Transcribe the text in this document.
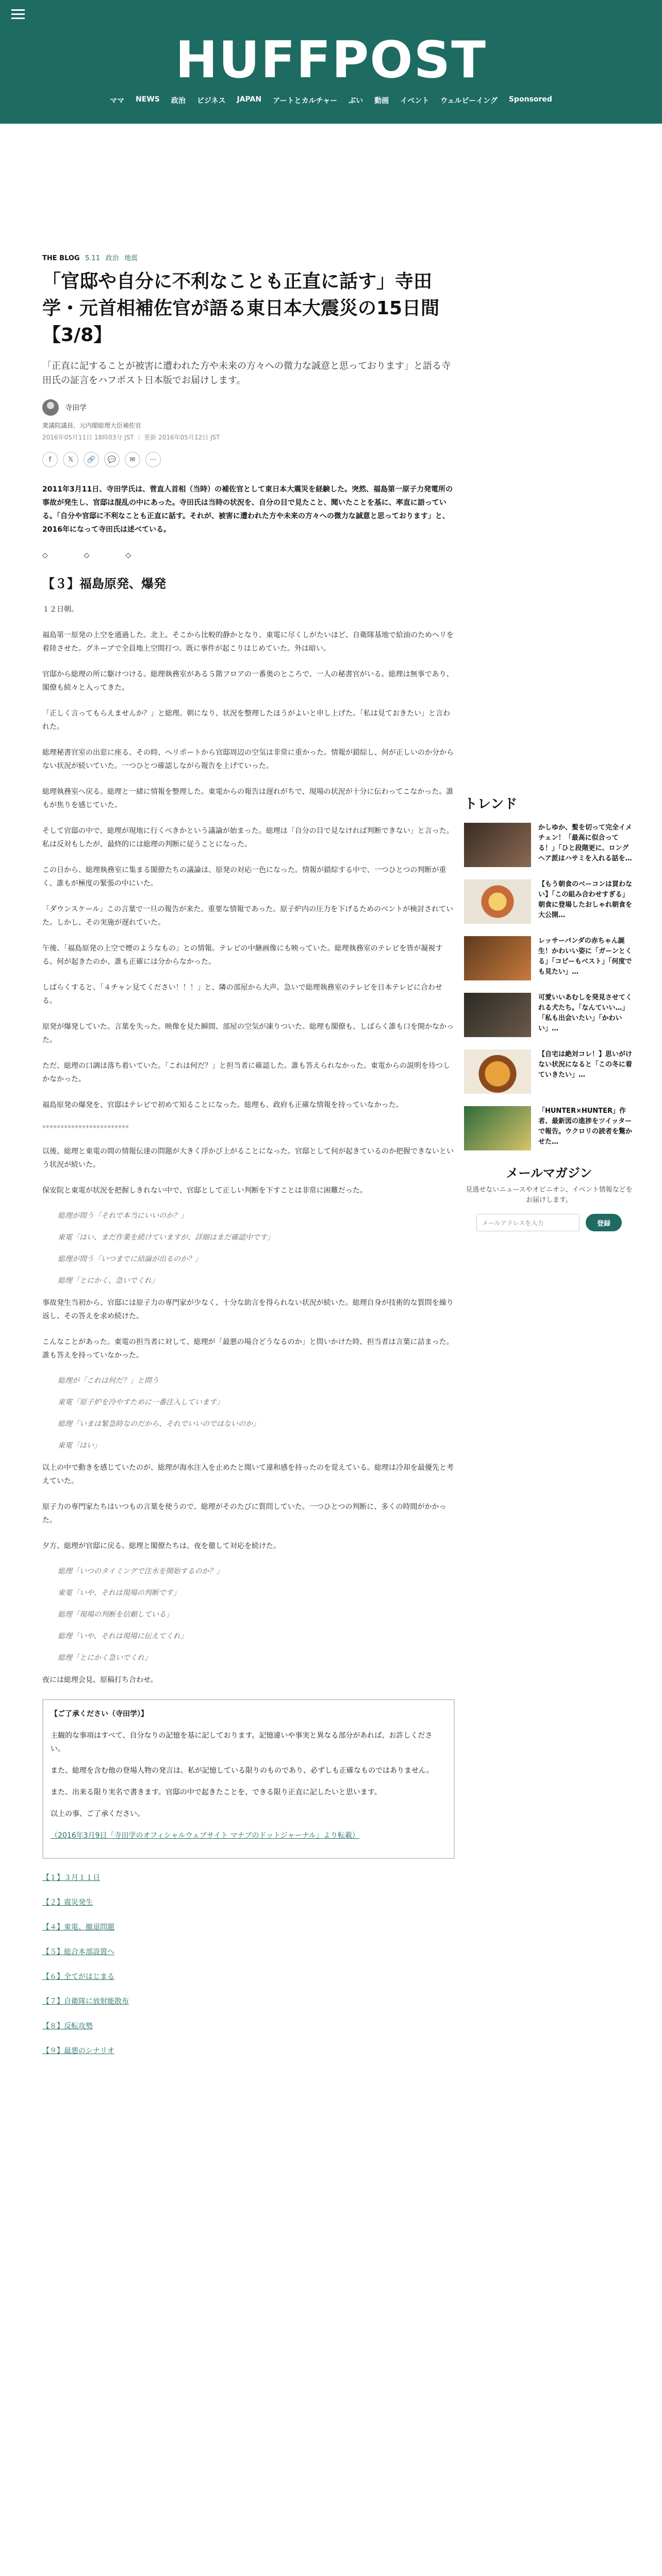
HUFFPOST
ママ NEWS 政治 ビジネス JAPAN アートとカルチャー ぶい 動画 イベント ウェルビーイング Sponsored
THE BLOG 5.11 政治 地震
「官邸や自分に不利なことも正直に話す」寺田学・元首相補佐官が語る東日本大震災の15日間【3/8】

「正直に記することが被害に遭われた方や未来の方々への微力な誠意と思っております」と語る寺田氏の証言をハフポスト日本版でお届けします。

寺田学
衆議院議員、元内閣総理大臣補佐官
2016年05月11日 18時03分 JST ｜ 更新 2016年05月12日 JST
f	𝕏	🔗	💬	✉	⋯

2011年3月11日、寺田学氏は、菅直人首相（当時）の補佐官として東日本大震災を経験した。突然、福島第一原子力発電所の事故が発生し、官邸は混乱の中にあった。寺田氏は当時の状況を、自分の目で見たこと、聞いたことを基に、率直に語っている。「自分や官邸に不利なことも正直に話す。それが、被害に遭われた方や未来の方々への微力な誠意と思っております」と、2016年になって寺田氏は述べている。

◇　　　　　◇　　　　　◇
【３】福島原発、爆発

１２日朝。

福島第一原発の上空を通過した。北上。そこから比較的静かとなり、東電に尽くしがたいほど、自衛隊基地で給油のためヘリを着陸させた。グネーブで全員地上空間打つ。既に事件が起こりはじめていた。外は暗い。

官邸から総理の所に駆けつける。総理執務室がある５階フロアの一番奥のところで、一人の秘書官がいる。総理は無事であり、閣僚も続々と入ってきた。

「正しく言ってもらえませんか？」と総理。朝になり、状況を整理したほうがよいと申し上げた。「私は見ておきたい」と言われた。

総理秘書官室の出窓に座る、その時、ヘリポートから官邸周辺の空気は非常に重かった。情報が錯綜し、何が正しいのか分からない状況が続いていた。一つひとつ確認しながら報告を上げていった。

総理執務室へ戻る。総理と一緒に情報を整理した。東電からの報告は遅れがちで、現場の状況が十分に伝わってこなかった。誰もが焦りを感じていた。

そして官邸の中で、総理が現地に行くべきかという議論が始まった。総理は「自分の目で見なければ判断できない」と言った。私は反対もしたが、最終的には総理の判断に従うことになった。

この日から、総理執務室に集まる閣僚たちの議論は、原発の対応一色になった。情報が錯綜する中で、一つひとつの判断が重く、誰もが極度の緊張の中にいた。

「ダウンスケール」この言葉で一旦の報告が来た。重要な情報であった。原子炉内の圧力を下げるためのベントが検討されていた。しかし、その実施が遅れていた。

午後、「福島原発の上空で煙のようなもの」との情報。テレビの中継画像にも映っていた。総理執務室のテレビを皆が凝視する。何が起きたのか、誰も正確には分からなかった。

しばらくすると、「４チャン見てください！！！」と、隣の部屋から大声。急いで総理執務室のテレビを日本テレビに合わせる。

原発が爆発していた。言葉を失った。映像を見た瞬間、部屋の空気が凍りついた。総理も閣僚も、しばらく誰も口を開かなかった。

ただ、総理の口調は落ち着いていた。「これは何だ？」と担当者に確認した。誰も答えられなかった。東電からの説明を待つしかなかった。

福島原発の爆発を、官邸はテレビで初めて知ることになった。総理も、政府も正確な情報を持っていなかった。

************************

以後、総理と東電の間の情報伝達の問題が大きく浮かび上がることになった。官邸として何が起きているのか把握できないという状況が続いた。

保安院と東電が状況を把握しきれない中で、官邸として正しい判断を下すことは非常に困難だった。

総理が問う「それで本当にいいのか？」

東電「はい、まだ作業を続けていますが、詳細はまだ確認中です」

総理が問う「いつまでに結論が出るのか？」

総理「とにかく、急いでくれ」

事故発生当初から、官邸には原子力の専門家が少なく、十分な助言を得られない状況が続いた。総理自身が技術的な質問を繰り返し、その答えを求め続けた。

こんなことがあった。東電の担当者に対して、総理が「最悪の場合どうなるのか」と問いかけた時、担当者は言葉に詰まった。誰も答えを持っていなかった。

総理が「これは何だ？」と問う

東電「原子炉を冷やすために一番注入しています」

総理「いまは緊急時なのだから、それでいいのではないのか」

東電「はい」

以上の中で動きを感じていたのが、総理が海水注入を止めたと聞いて違和感を持ったのを覚えている。総理は冷却を最優先と考えていた。

原子力の専門家たちはいつもの言葉を使うので、総理がそのたびに質問していた。一つひとつの判断に、多くの時間がかかった。

夕方、総理が官邸に戻る。総理と閣僚たちは、夜を徹して対応を続けた。

総理「いつのタイミングで注水を開始するのか？」

東電「いや、それは現場の判断です」

総理「現場の判断を信頼している」

総理「いや、それは現場に伝えてくれ」

総理「とにかく急いでくれ」

夜には総理会見、原稿打ち合わせ。

【ご了承ください（寺田学）】
主観的な事項はすべて、自分なりの記憶を基に記しております。記憶違いや事実と異なる部分があれば、お許しください。
また、総理を含む他の登場人物の発言は、私が記憶している限りのものであり、必ずしも正確なものではありません。
また、出来る限り実名で書きます。官邸の中で起きたことを、できる限り正直に記したいと思います。
以上の事、ご了承ください。
（2016年3月9日「寺田学のオフィシャルウェブサイト マナブのドットジャーナル」より転載）
【１】３月１１日
【２】震災発生
【４】東電、撤退問題
【５】総合本部設置へ
【６】全てがはじまる
【７】自衛隊に放射能散布
【８】反転攻勢
【９】最悪のシナリオ
トレンド
かしゆか、髪を切って完全イメチェン！「最高に似合ってる！」「ひと段階更に、ロングヘア派はハサミを入れる話を…
【もう朝食のベーコンは買わない】「この組み合わせすぎる」朝食に登場したおしゃれ朝食を大公開…
レッサーパンダの赤ちゃん誕生！かわいい姿に「ガーンとくる」「コピーもベスト」「何度でも見たい」…
可愛いいあむしを発見させてくれる犬たち。「なんていい…」「私も出会いたい」「かわいい」…
【自宅は絶対コレ！】思いがけない状況になると「この冬に着ていきたい」…
「HUNTER×HUNTER」作者、最新図の進捗をツイッターで報告。ウクロリの読者を驚かせた…
メールマガジン

見逃せないニュースやオピニオン、イベント情報などをお届けします。

メールアドレスを入力	登録
